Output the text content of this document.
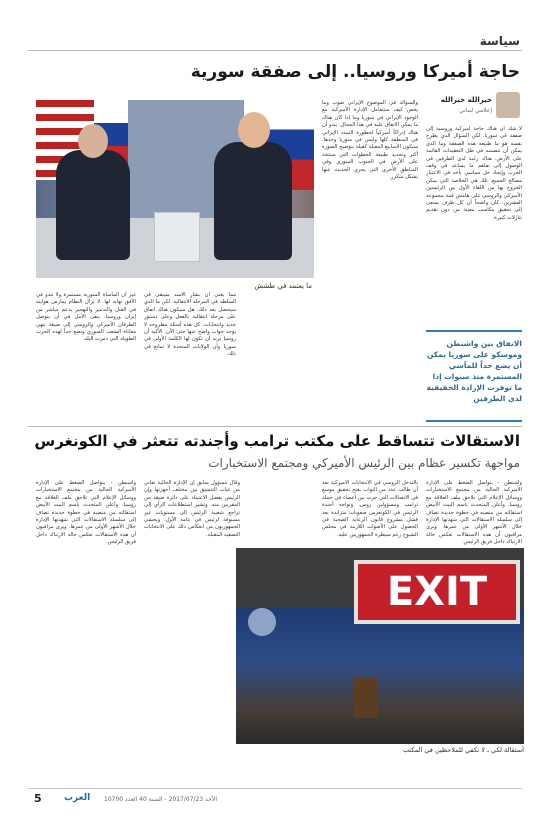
سياسة
حاجة أميركا وروسيا.. إلى صفقة سورية
ما يعتمد في طشش
خيرالله خيرالله
إعلامي لبناني

لا شك أن هناك حاجة أميركية وروسية إلى صفقة في سوريا. لكن السؤال الذي يطرح نفسه هو ما طبيعة هذه الصفقة وما الذي يمكن أن تتضمنه في ظل التعقيدات القائمة على الأرض. هناك رغبة لدى الطرفين في الوصول إلى تفاهم ما يساعد في وقف الحرب وإيجاد حل سياسي يأخذ في الاعتبار مصالح الجميع. تلك هي الخلاصة التي يمكن الخروج بها من اللقاء الأول بين الرئيسين الأميركي والروسي على هامش قمة مجموعة العشرين. كان واضحاً أن كل طرف يسعى إلى تحقيق مكاسب معينة من دون تقديم تنازلات كبيرة.

والسؤالة في الموضوع الإيراني صوب وما يخص كيف ستتعامل الإدارة الأميركية مع الوجود الإيراني في سوريا وما إذا كان هناك ما يمكن الاتفاق عليه في هذا المجال. يبدو أن هناك إدراكاً أميركياً لخطورة التمدد الإيراني في المنطقة كلها وليس في سوريا وحدها. ستكون الأسابيع المقبلة كفيلة بتوضيح الصورة أكثر وتحديد طبيعة الخطوات التي ستتخذ على الأرض في الجنوب السوري وفي المناطق الأخرى التي يجري الحديث عنها بشكل متكرر.

مما يعني أن بشار الأسد سيبقى في السلطة في المرحلة الانتقالية. لكن ما الذي سيحصل بعد ذلك. هل سيكون هناك اتفاق على مرحلة انتقالية بالفعل وعلى دستور جديد وانتخابات. كل هذه أسئلة مطروحة لا يوجد جواب واضح عنها حتى الآن. الأكيد أن روسيا تريد أن تكون لها الكلمة الأولى في سوريا وأن الولايات المتحدة لا تمانع في ذلك.

غير أن المأساة السورية مستمرة ولا تبدو في الأفق نهاية لها. لا يزال النظام يمارس هوايته في القتل والتدمير والتهجير بدعم مباشر من إيران وروسيا. يبقى الأمل في أن يتوصل الطرفان الأميركي والروسي إلى صيغة تنهي معاناة الشعب السوري وتضع حداً لهذه الحرب الطويلة التي دمرت البلد.	الاتفاق بين واشنطن وموسكو على سوريا يمكن أن يضع حداً للمآسي المستمرة منذ سنوات إذا ما توفرت الإرادة الحقيقية لدى الطرفين
الاستقالات تتساقط على مكتب ترامب وأجندته تتعثر في الكونغرس
مواجهة تكسير عظام بين الرئيس الأميركي ومجتمع الاستخبارات

واشنطن - يتواصل الضغط على الإدارة الأميركية الحالية من مجتمع الاستخبارات ووسائل الإعلام التي تلاحق ملف العلاقة مع روسيا. وأعلن المتحدث باسم البيت الأبيض استقالته من منصبه في خطوة جديدة تضاف إلى سلسلة الاستقالات التي شهدتها الإدارة خلال الأشهر الأولى من عمرها. ويرى مراقبون أن هذه الاستقالات تعكس حالة الارتباك داخل فريق الرئيس.

بالتدخل الروسي في الانتخابات الأميركية بعد أن طالب عدد من النواب بفتح تحقيق موسع في الاتصالات التي جرت بين أعضاء في حملة ترامب ومسؤولين روس. وتواجه أجندة الرئيس في الكونغرس صعوبات متزايدة بعد فشل مشروع قانون الرعاية الصحية في الحصول على الأصوات اللازمة في مجلس الشيوخ رغم سيطرة الجمهوريين عليه.

وقال مسؤول سابق إن الإدارة الحالية تعاني من غياب التنسيق بين مختلف أجهزتها وإن الرئيس يفضل الاعتماد على دائرة ضيقة من المقربين منه. وتشير استطلاعات الرأي إلى تراجع شعبية الرئيس إلى مستويات غير مسبوقة لرئيس في عامه الأول. ويخشى الجمهوريون من انعكاس ذلك على الانتخابات النصفية المقبلة.

واشنطن - يتواصل الضغط على الإدارة الأميركية الحالية من مجتمع الاستخبارات ووسائل الإعلام التي تلاحق ملف العلاقة مع روسيا. وأعلن المتحدث باسم البيت الأبيض استقالته من منصبه في خطوة جديدة تضاف إلى سلسلة الاستقالات التي شهدتها الإدارة خلال الأشهر الأولى من عمرها. ويرى مراقبون أن هذه الاستقالات تعكس حالة الارتباك داخل فريق الرئيس.

EXIT
أستقالة لكي ـ لا تكفي للملاحظين في المكتب
5 العرب الأحد 2017/07/23 - السنة 40 العدد 10700
